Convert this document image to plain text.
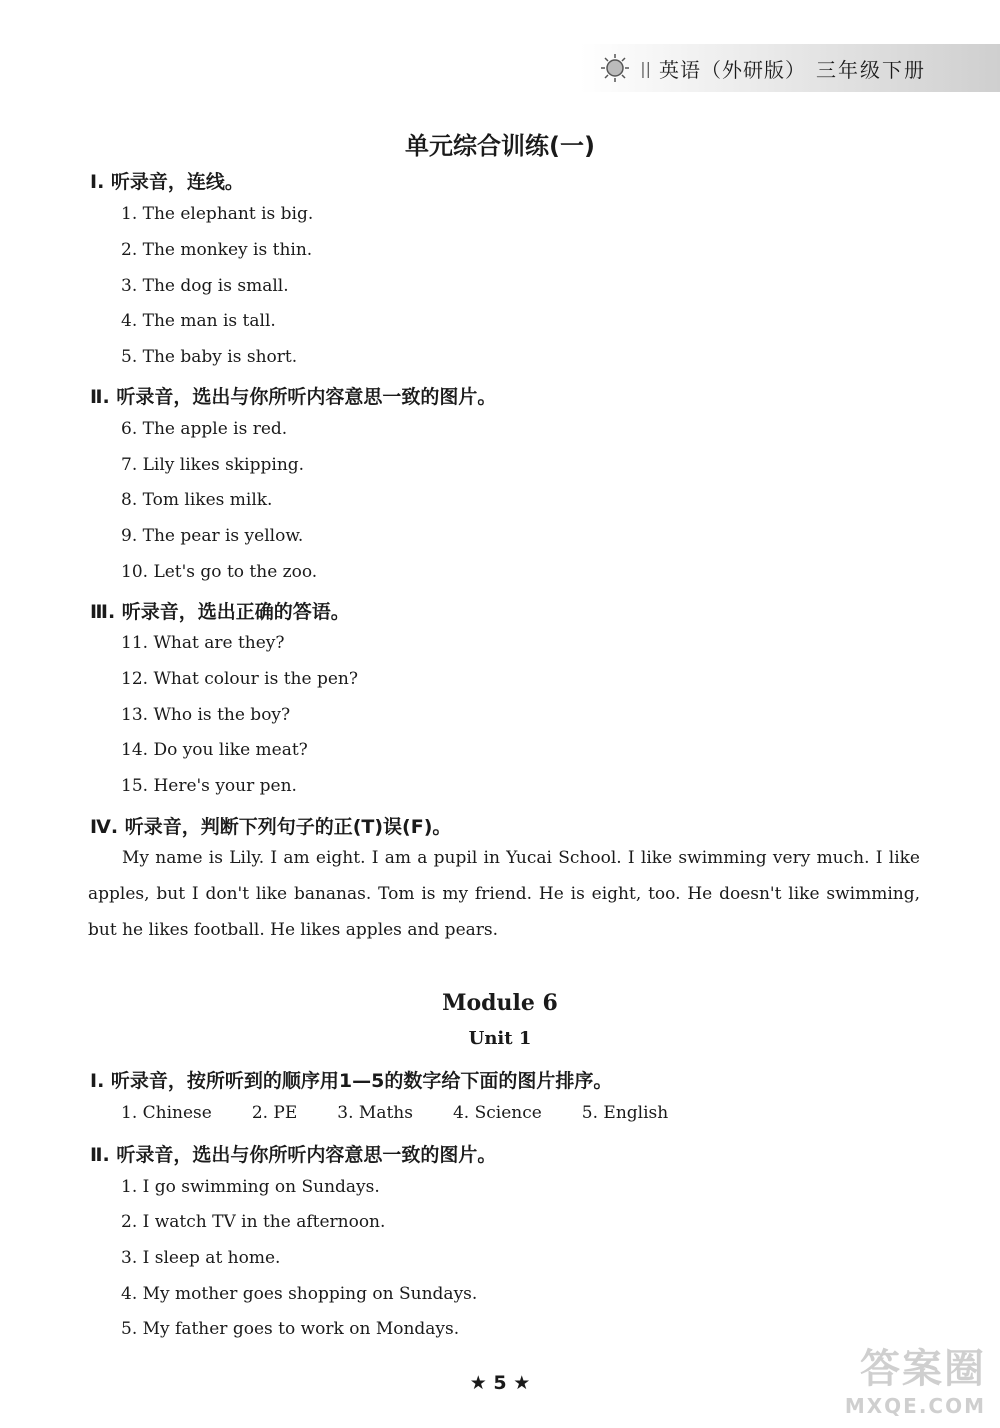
|| 英语（外研版） 三年级下册
单元综合训练(一)
Ⅰ. 听录音，连线。
1. The elephant is big.
2. The monkey is thin.
3. The dog is small.
4. The man is tall.
5. The baby is short.
Ⅱ. 听录音，选出与你所听内容意思一致的图片。
6. The apple is red.
7. Lily likes skipping.
8. Tom likes milk.
9. The pear is yellow.
10. Let's go to the zoo.
Ⅲ. 听录音，选出正确的答语。
11. What are they?
12. What colour is the pen?
13. Who is the boy?
14. Do you like meat?
15. Here's your pen.
Ⅳ. 听录音，判断下列句子的正(T)误(F)。
My name is Lily. I am eight. I am a pupil in Yucai School. I like swimming very much. I like apples, but I don't like bananas. Tom is my friend. He is eight, too. He doesn't like swimming, but he likes football. He likes apples and pears.
Module 6
Unit 1
Ⅰ. 听录音，按所听到的顺序用1—5的数字给下面的图片排序。
1. Chinese 2. PE 3. Maths 4. Science 5. English
Ⅱ. 听录音，选出与你所听内容意思一致的图片。
1. I go swimming on Sundays.
2. I watch TV in the afternoon.
3. I sleep at home.
4. My mother goes shopping on Sundays.
5. My father goes to work on Mondays.
★ 5 ★	答案圈
MXQE.COM
